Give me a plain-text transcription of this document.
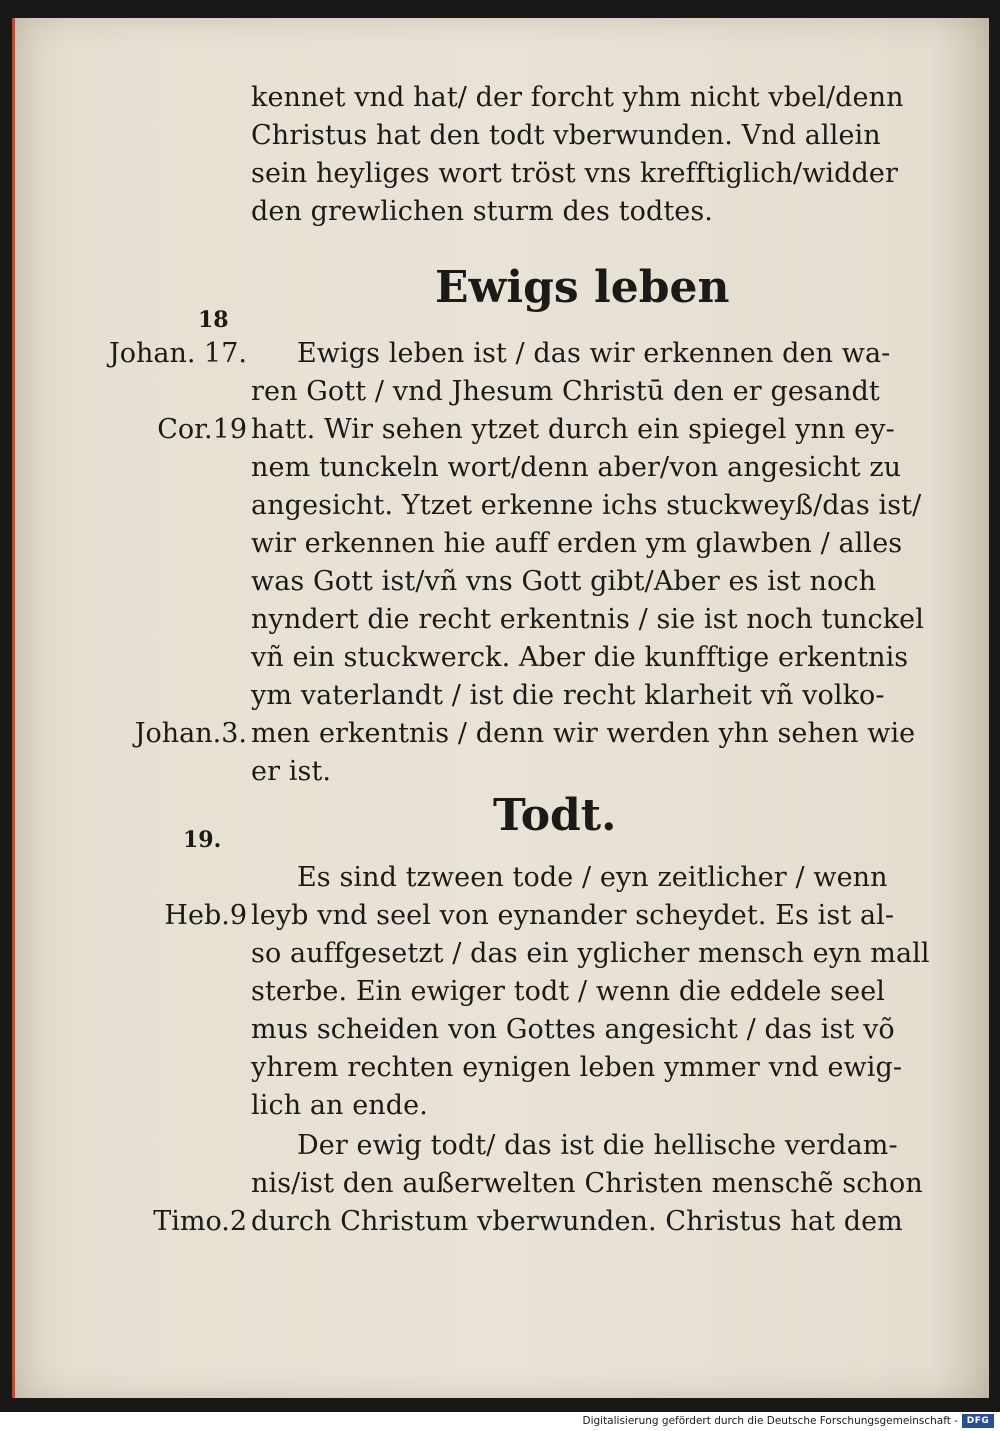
kennet vnd hat/ der forcht yhm nicht vbel/denn
Christus hat den todt vberwunden. Vnd allein
sein heyliges wort tröst vns krefftiglich/widder
den grewlichen sturm des todtes.
18
Ewigs leben
Johan. 17. Ewigs leben ist / das wir erkennen den wa-
ren Gott / vnd Jhesum Christū den er gesandt
Cor.19 hatt. Wir sehen ytzet durch ein spiegel ynn ey-
nem tunckeln wort/denn aber/von angesicht zu
angesicht. Ytzet erkenne ichs stuckweyß/das ist/
wir erkennen hie auff erden ym glawben / alles
was Gott ist/vñ vns Gott gibt/Aber es ist noch
nyndert die recht erkentnis / sie ist noch tunckel
vñ ein stuckwerck. Aber die kunfftige erkentnis
ym vaterlandt / ist die recht klarheit vñ volko-
Johan.3. men erkentnis / denn wir werden yhn sehen wie
er ist.
Todt.
19.
Es sind tzween tode / eyn zeitlicher / wenn
Heb.9 leyb vnd seel von eynander scheydet. Es ist al-
so auffgesetzt / das ein yglicher mensch eyn mall
sterbe. Ein ewiger todt / wenn die eddele seel
mus scheiden von Gottes angesicht / das ist võ
yhrem rechten eynigen leben ymmer vnd ewig-
lich an ende.
Der ewig todt/ das ist die hellische verdam-
nis/ist den außerwelten Christen menschẽ schon
Timo.2 durch Christum vberwunden. Christus hat dem
Digitalisierung gefördert durch die Deutsche Forschungsgemeinschaft - DFG
